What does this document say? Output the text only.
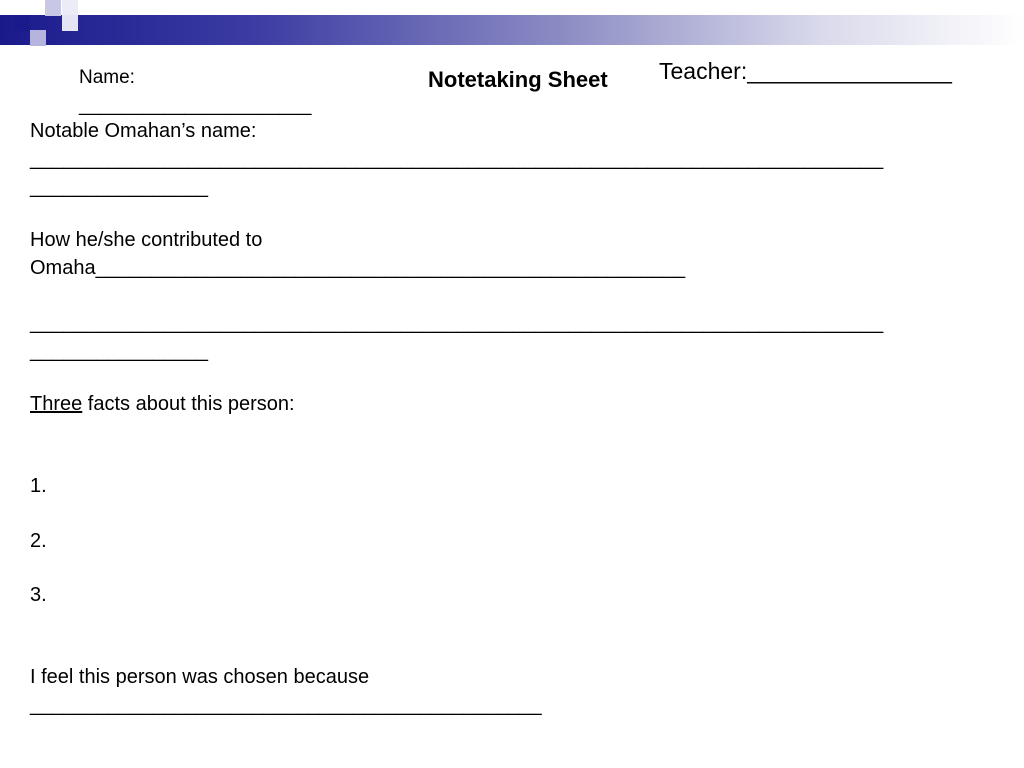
Name:
______________________
Notetaking Sheet Teacher:________________
Notable Omahan’s name:
____________________________________________________________________________
________________
How he/she contributed to
Omaha_____________________________________________________
____________________________________________________________________________
________________
Three facts about this person:
1.
2.
3.
I feel this person was chosen because
______________________________________________
